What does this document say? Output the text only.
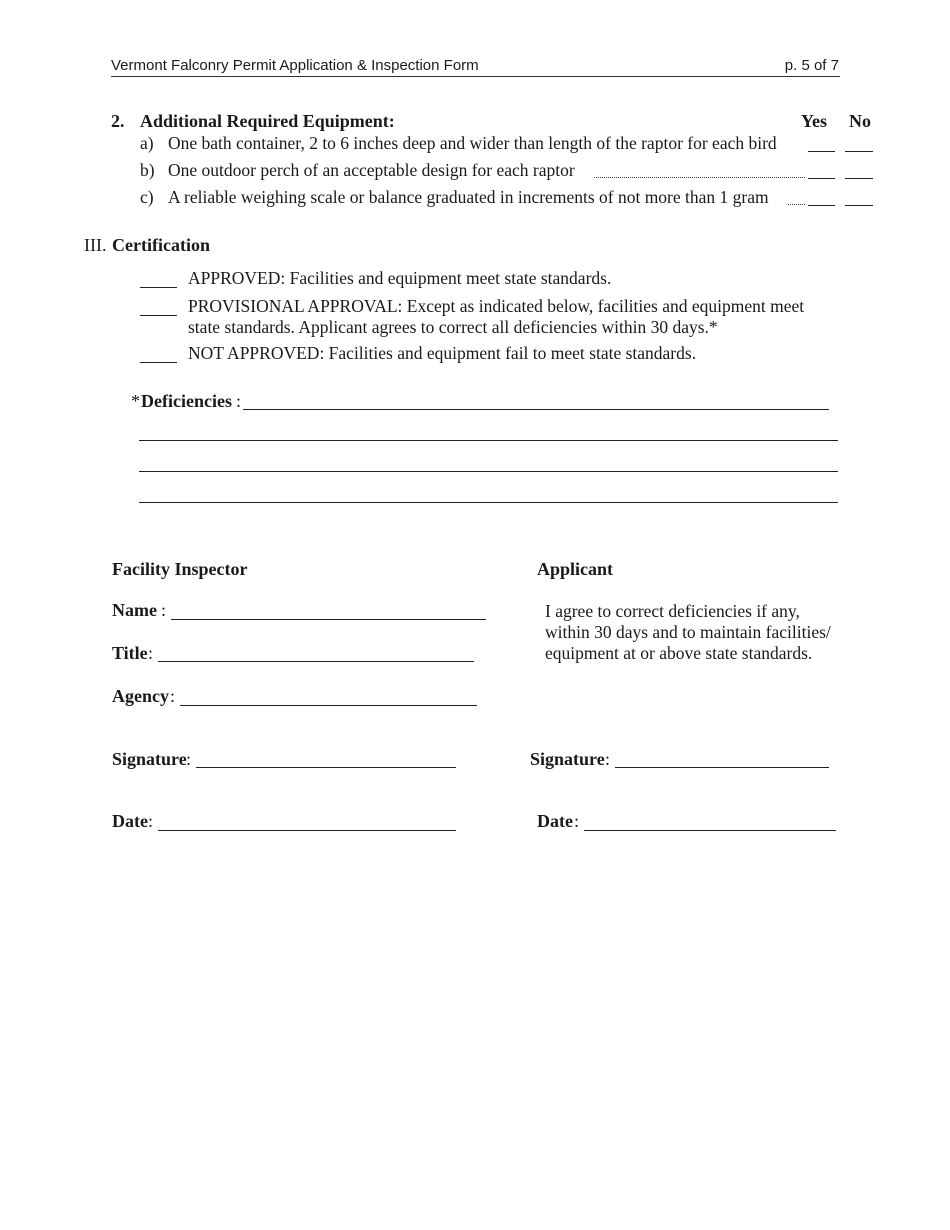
Vermont Falconry Permit Application & Inspection Form	p. 5 of 7
2. Additional Required Equipment:	Yes No
a) One bath container, 2 to 6 inches deep and wider than length of the raptor for each bird
b) One outdoor perch of an acceptable design for each raptor
c) A reliable weighing scale or balance graduated in increments of not more than 1 gram
III. Certification
APPROVED: Facilities and equipment meet state standards.
PROVISIONAL APPROVAL: Except as indicated below, facilities and equipment meet
state standards. Applicant agrees to correct all deficiencies within 30 days.*
NOT APPROVED: Facilities and equipment fail to meet state standards.
* Deficiencies :
Facility Inspector
Name :
Title :
Agency :
Signature :
Date :
Applicant
I agree to correct deficiencies if any,
within 30 days and to maintain facilities/
equipment at or above state standards.
Signature :
Date :
